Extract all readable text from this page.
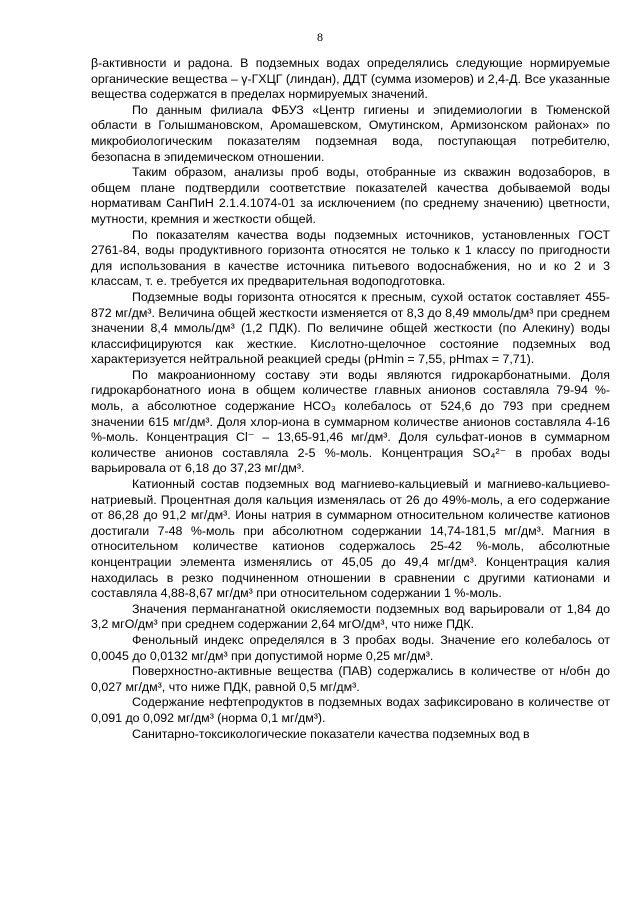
8

β-активности и радона. В подземных водах определялись следующие нормируемые органические вещества – γ-ГХЦГ (линдан), ДДТ (сумма изомеров) и 2,4-Д. Все указанные вещества содержатся в пределах нормируемых значений.

По данным филиала ФБУЗ «Центр гигиены и эпидемиологии в Тюменской области в Голышмановском, Аромашевском, Омутинском, Армизонском районах» по микробиологическим показателям подземная вода, поступающая потребителю, безопасна в эпидемическом отношении.

Таким образом, анализы проб воды, отобранные из скважин водозаборов, в общем плане подтвердили соответствие показателей качества добываемой воды нормативам СанПиН 2.1.4.1074-01 за исключением (по среднему значению) цветности, мутности, кремния и жесткости общей.

По показателям качества воды подземных источников, установленных ГОСТ 2761-84, воды продуктивного горизонта относятся не только к 1 классу по пригодности для использования в качестве источника питьевого водоснабжения, но и ко 2 и 3 классам, т. е. требуется их предварительная водоподготовка.

Подземные воды горизонта относятся к пресным, сухой остаток составляет 455-872 мг/дм³. Величина общей жесткости изменяется от 8,3 до 8,49 ммоль/дм³ при среднем значении 8,4 ммоль/дм³ (1,2 ПДК). По величине общей жесткости (по Алекину) воды классифицируются как жесткие. Кислотно-щелочное состояние подземных вод характеризуется нейтральной реакцией среды (pHmin = 7,55, pHmax = 7,71).

По макроанионному составу эти воды являются гидрокарбонатными. Доля гидрокарбонатного иона в общем количестве главных анионов составляла 79-94 %-моль, а абсолютное содержание HCO₃ колебалось от 524,6 до 793 при среднем значении 615 мг/дм³. Доля хлор-иона в суммарном количестве анионов составляла 4-16 %-моль. Концентрация Cl⁻ – 13,65-91,46 мг/дм³. Доля сульфат-ионов в суммарном количестве анионов составляла 2-5 %-моль. Концентрация SO₄²⁻ в пробах воды варьировала от 6,18 до 37,23 мг/дм³.

Катионный состав подземных вод магниево-кальциевый и магниево-кальциево-натриевый. Процентная доля кальция изменялась от 26 до 49%-моль, а его содержание от 86,28 до 91,2 мг/дм³. Ионы натрия в суммарном относительном количестве катионов достигали 7-48 %-моль при абсолютном содержании 14,74-181,5 мг/дм³. Магния в относительном количестве катионов содержалось 25-42 %-моль, абсолютные концентрации элемента изменялись от 45,05 до 49,4 мг/дм³. Концентрация калия находилась в резко подчиненном отношении в сравнении с другими катионами и составляла 4,88-8,67 мг/дм³ при относительном содержании 1 %-моль.

Значения перманганатной окисляемости подземных вод варьировали от 1,84 до 3,2 мгО/дм³ при среднем содержании 2,64 мгО/дм³, что ниже ПДК.

Фенольный индекс определялся в 3 пробах воды. Значение его колебалось от 0,0045 до 0,0132 мг/дм³ при допустимой норме 0,25 мг/дм³.

Поверхностно-активные вещества (ПАВ) содержались в количестве от н/обн до 0,027 мг/дм³, что ниже ПДК, равной 0,5 мг/дм³.

Содержание нефтепродуктов в подземных водах зафиксировано в количестве от 0,091 до 0,092 мг/дм³ (норма 0,1 мг/дм³).

Санитарно-токсикологические показатели качества подземных вод в
